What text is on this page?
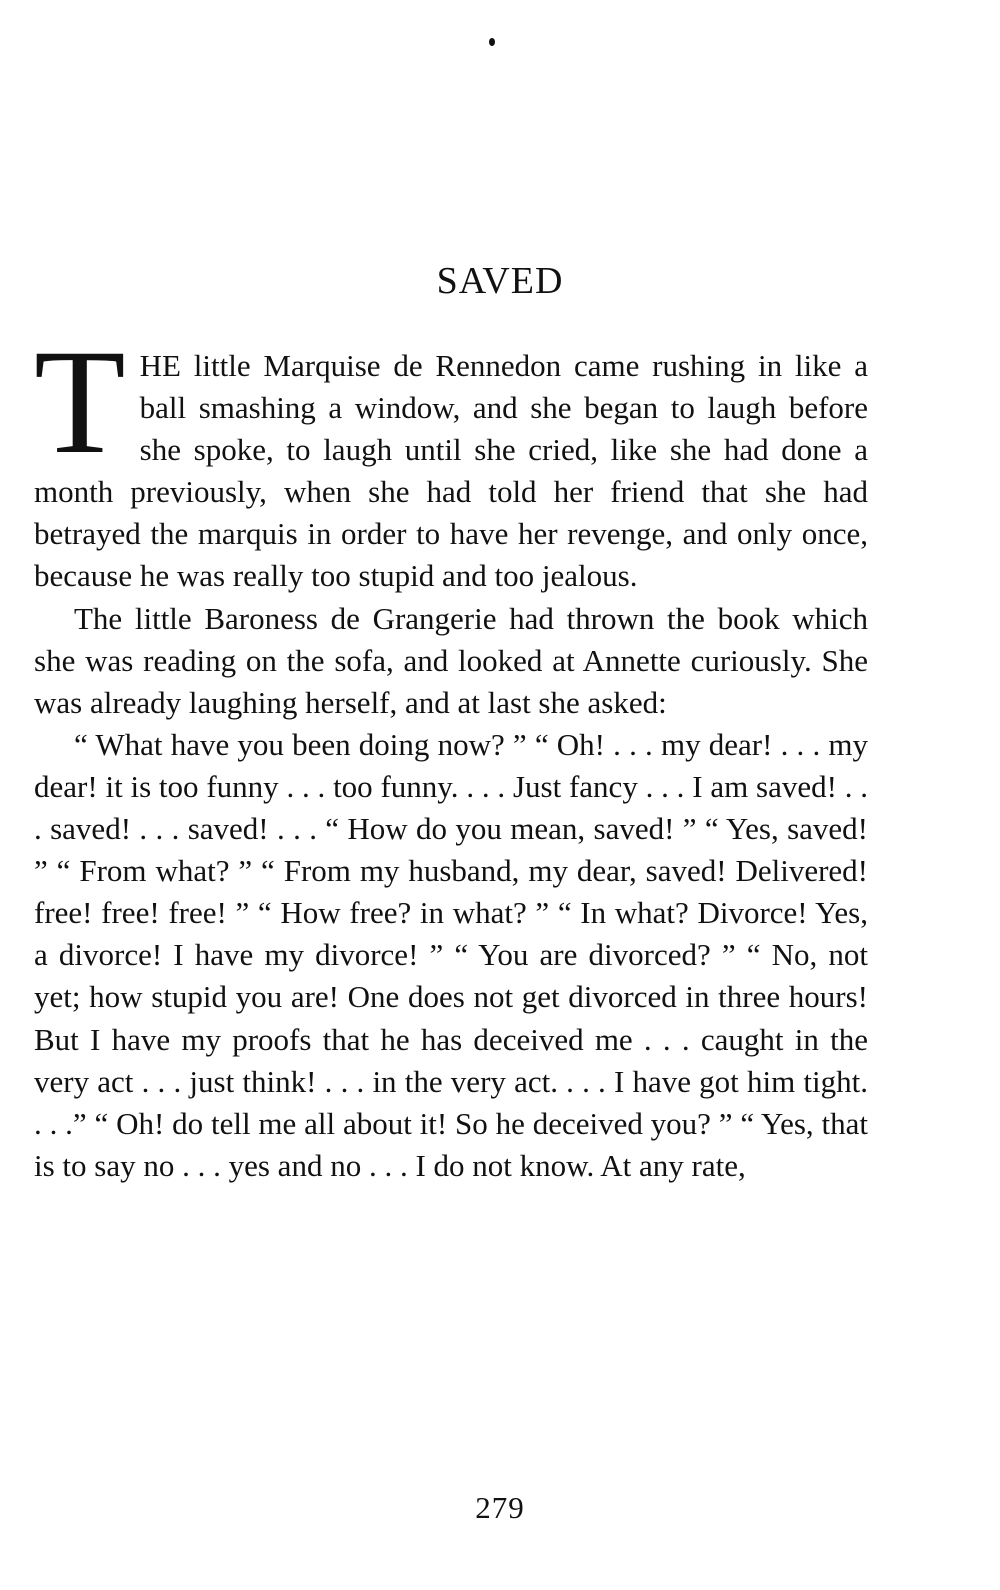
SAVED

T HE little Marquise de Rennedon came rushing in like a ball smashing a window, and she began to laugh before she spoke, to laugh until she cried, like she had done a month previously, when she had told her friend that she had betrayed the marquis in order to have her revenge, and only once, because he was really too stupid and too jealous.

The little Baroness de Grangerie had thrown the book which she was reading on the sofa, and looked at Annette curiously. She was already laughing herself, and at last she asked:

“ What have you been doing now? ” “ Oh! . . . my dear! . . . my dear! it is too funny . . . too funny. . . . Just fancy . . . I am saved! . . . saved! . . . saved! . . . “ How do you mean, saved! ” “ Yes, saved! ” “ From what? ” “ From my husband, my dear, saved! Delivered! free! free! free! ” “ How free? in what? ” “ In what? Divorce! Yes, a divorce! I have my divorce! ” “ You are divorced? ” “ No, not yet; how stupid you are! One does not get divorced in three hours! But I have my proofs that he has deceived me . . . caught in the very act . . . just think! . . . in the very act. . . . I have got him tight. . . .” “ Oh! do tell me all about it! So he deceived you? ” “ Yes, that is to say no . . . yes and no . . . I do not know. At any rate,

279
